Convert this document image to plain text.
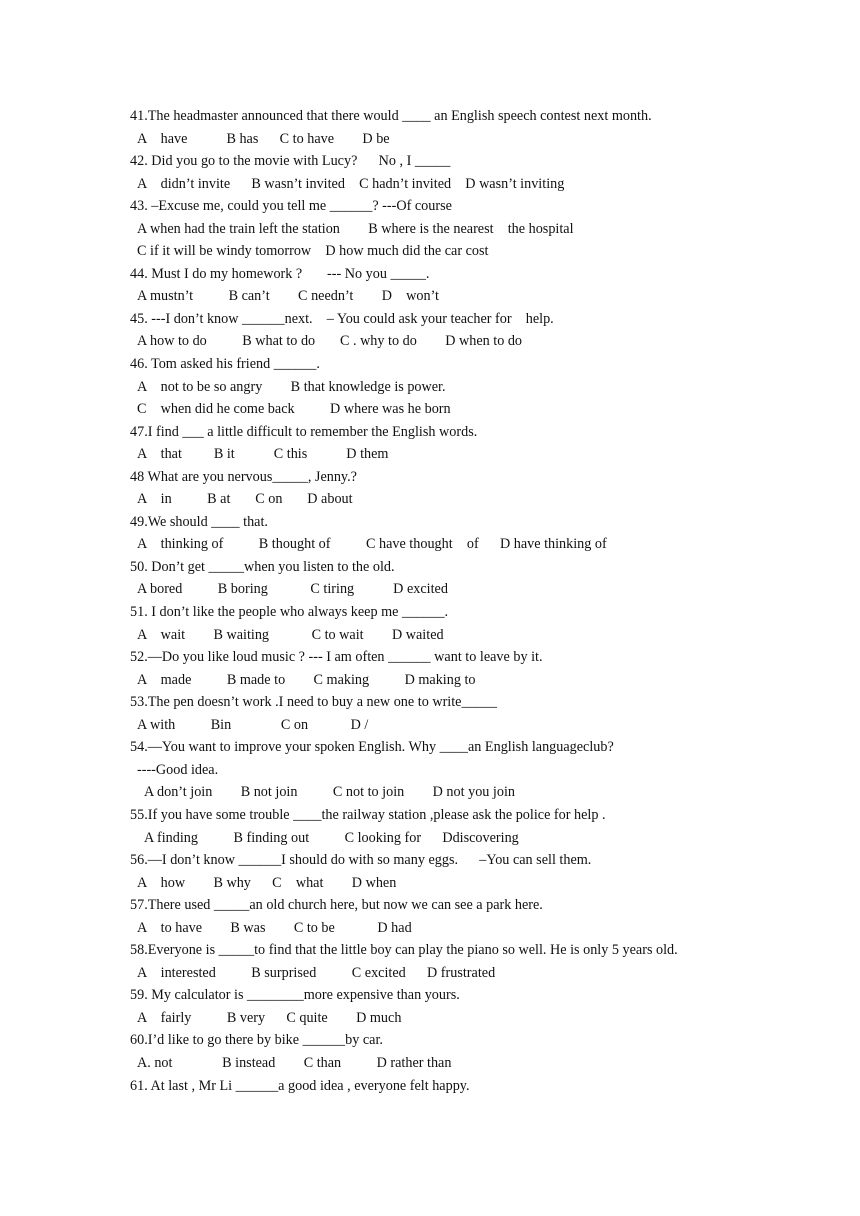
41.The headmaster announced that there would ____ an English speech contest next month.
A    have           B has      C to have        D be
42. Did you go to the movie with Lucy?      No , I _____
A    didn’t invite      B wasn’t invited    C hadn’t invited    D wasn’t inviting
43. –Excuse me, could you tell me ______? ---Of course
A when had the train left the station        B where is the nearest    the hospital
C if it will be windy tomorrow    D how much did the car cost
44. Must I do my homework ?       --- No you _____.
A mustn’t          B can’t        C needn’t        D    won’t
45. ---I don’t know ______next.    – You could ask your teacher for    help.
A how to do          B what to do       C . why to do        D when to do
46. Tom asked his friend ______.
A    not to be so angry        B that knowledge is power.
C    when did he come back          D where was he born
47.I find ___ a little difficult to remember the English words.
A    that         B it           C this           D them
48 What are you nervous_____, Jenny.?
A    in          B at       C on       D about
49.We should ____ that.
A    thinking of          B thought of          C have thought    of      D have thinking of
50. Don’t get _____when you listen to the old.
A bored          B boring            C tiring           D excited
51. I don’t like the people who always keep me ______.
A    wait        B waiting            C to wait        D waited
52.—Do you like loud music ? --- I am often ______ want to leave by it.
A    made          B made to        C making          D making to
53.The pen doesn’t work .I need to buy a new one to write_____
A with          Bin              C on            D /
54.—You want to improve your spoken English. Why ____an English languageclub?
----Good idea.
A don’t join        B not join          C not to join        D not you join
55.If you have some trouble ____the railway station ,please ask the police for help .
A finding          B finding out          C looking for      Ddiscovering
56.—I don’t know ______I should do with so many eggs.      –You can sell them.
A    how        B why      C    what        D when
57.There used _____an old church here, but now we can see a park here.
A    to have        B was        C to be            D had
58.Everyone is _____to find that the little boy can play the piano so well. He is only 5 years old.
A    interested          B surprised          C excited      D frustrated
59. My calculator is ________more expensive than yours.
A    fairly          B very      C quite        D much
60.I’d like to go there by bike ______by car.
A. not              B instead        C than          D rather than
61. At last , Mr Li ______a good idea , everyone felt happy.
